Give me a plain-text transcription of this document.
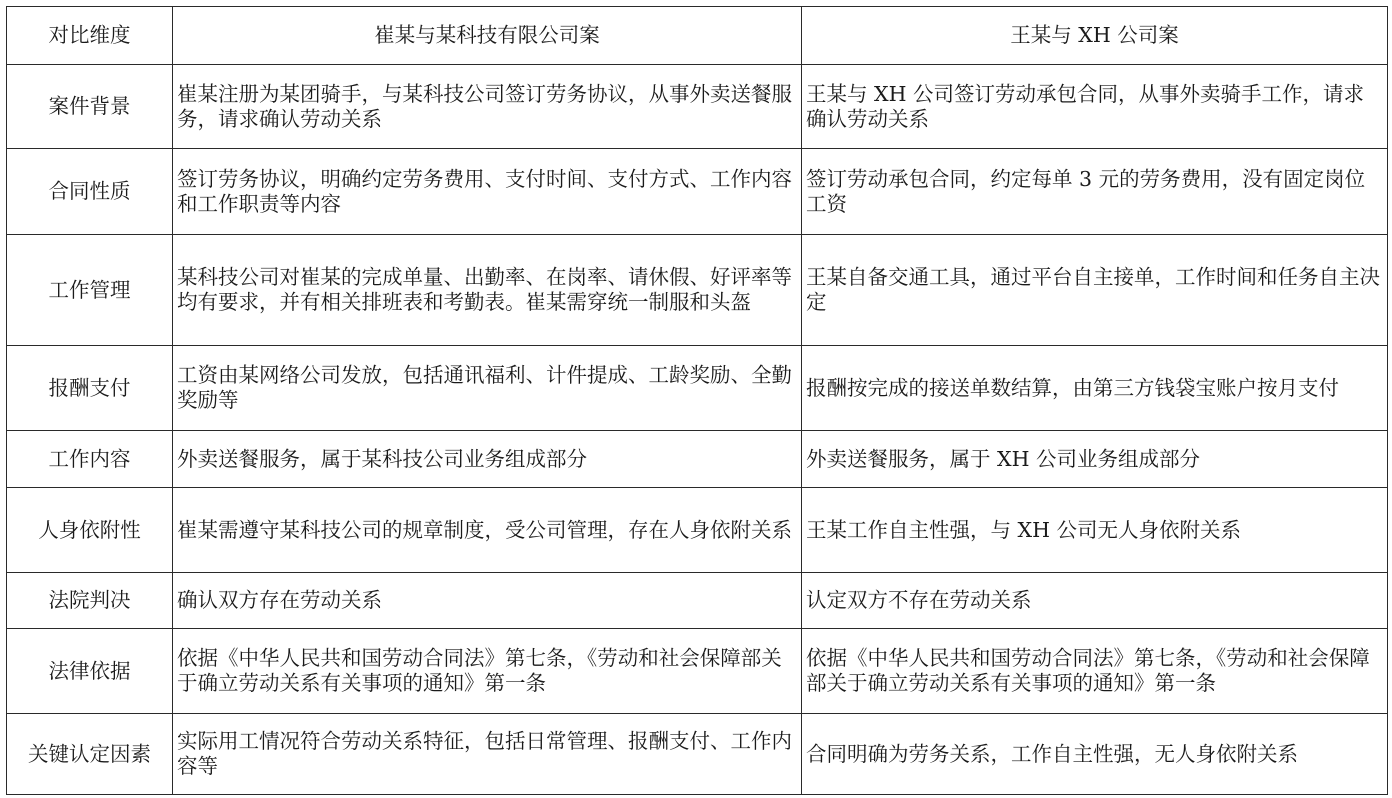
对比维度	崔某与某科技有限公司案	王某与 XH 公司案
案件背景	崔某注册为某团骑手，与某科技公司签订劳务协议，从事外卖送餐服务，请求确认劳动关系	王某与 XH 公司签订劳动承包合同，从事外卖骑手工作，请求确认劳动关系
合同性质	签订劳务协议，明确约定劳务费用、支付时间、支付方式、工作内容和工作职责等内容	签订劳动承包合同，约定每单 3 元的劳务费用，没有固定岗位工资
工作管理	某科技公司对崔某的完成单量、出勤率、在岗率、请休假、好评率等均有要求，并有相关排班表和考勤表。崔某需穿统一制服和头盔	王某自备交通工具，通过平台自主接单，工作时间和任务自主决定
报酬支付	工资由某网络公司发放，包括通讯福利、计件提成、工龄奖励、全勤奖励等	报酬按完成的接送单数结算，由第三方钱袋宝账户按月支付
工作内容	外卖送餐服务，属于某科技公司业务组成部分	外卖送餐服务，属于 XH 公司业务组成部分
人身依附性	崔某需遵守某科技公司的规章制度，受公司管理，存在人身依附关系	王某工作自主性强，与 XH 公司无人身依附关系
法院判决	确认双方存在劳动关系	认定双方不存在劳动关系
法律依据	依据《中华人民共和国劳动合同法》第七条，《劳动和社会保障部关于确立劳动关系有关事项的通知》第一条	依据《中华人民共和国劳动合同法》第七条，《劳动和社会保障部关于确立劳动关系有关事项的通知》第一条
关键认定因素	实际用工情况符合劳动关系特征，包括日常管理、报酬支付、工作内容等	合同明确为劳务关系，工作自主性强，无人身依附关系
